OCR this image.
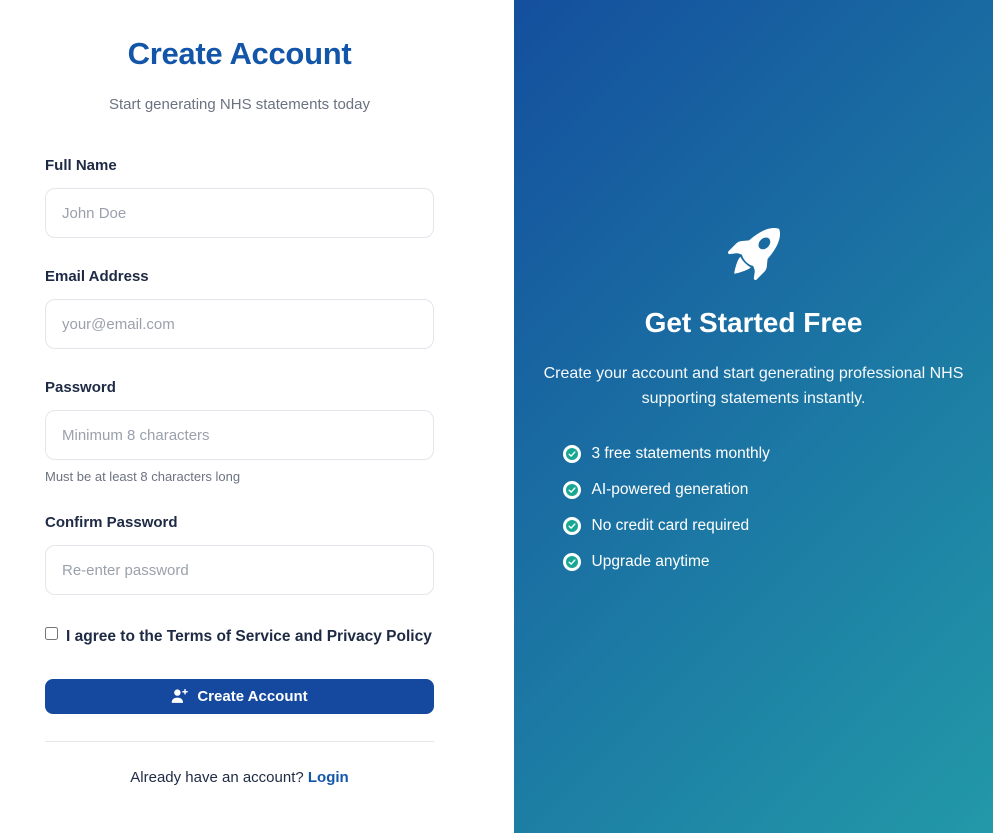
Create Account

Start generating NHS statements today

Full Name
John Doe
Email Address
your@email.com
Password
Must be at least 8 characters long
Confirm Password
I agree to the Terms of Service and Privacy Policy
Create Account

Already have an account? Login

Get Started Free

Create your account and start generating professional NHS supporting statements instantly.

3 free statements monthly
AI-powered generation
No credit card required
Upgrade anytime
